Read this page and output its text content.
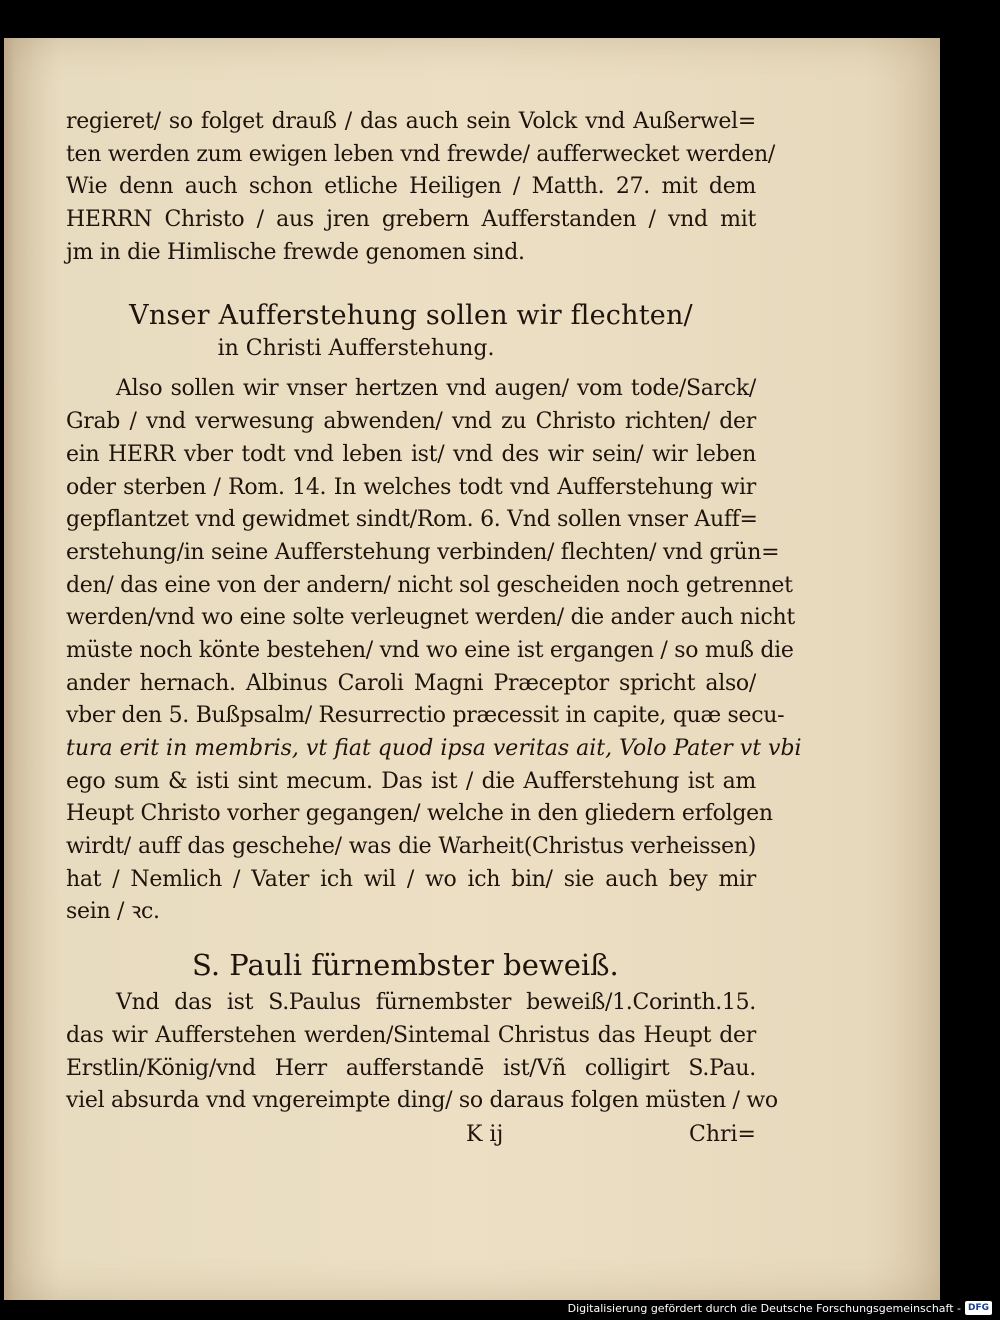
regieret/ so folget drauß / das auch sein Volck vnd Außerwel=
ten werden zum ewigen leben vnd frewde/ aufferwecket werden/
Wie denn auch schon etliche Heiligen / Matth. 27. mit dem
HERRN Christo / aus jren grebern Aufferstanden / vnd mit
jm in die Himlische frewde genomen sind.
Vnser Aufferstehung sollen wir flechten/
in Christi Aufferstehung.
Also sollen wir vnser hertzen vnd augen/ vom tode/Sarck/
Grab / vnd verwesung abwenden/ vnd zu Christo richten/ der
ein HERR vber todt vnd leben ist/ vnd des wir sein/ wir leben
oder sterben / Rom. 14. In welches todt vnd Aufferstehung wir
gepflantzet vnd gewidmet sindt/Rom. 6. Vnd sollen vnser Auff=
erstehung/in seine Aufferstehung verbinden/ flechten/ vnd grün=
den/ das eine von der andern/ nicht sol gescheiden noch getrennet
werden/vnd wo eine solte verleugnet werden/ die ander auch nicht
müste noch könte bestehen/ vnd wo eine ist ergangen / so muß die
ander hernach. Albinus Caroli Magni Præceptor spricht also/
vber den 5. Bußpsalm/ Resurrectio præcessit in capite, quæ secu-
tura erit in membris, vt fiat quod ipsa veritas ait, Volo Pater vt vbi
ego sum & isti sint mecum. Das ist / die Aufferstehung ist am
Heupt Christo vorher gegangen/ welche in den gliedern erfolgen
wirdt/ auff das geschehe/ was die Warheit(Christus verheissen)
hat / Nemlich / Vater ich wil / wo ich bin/ sie auch bey mir
sein / ꝛc.
S. Pauli fürnembster beweiß.
Vnd das ist S.Paulus fürnembster beweiß/1.Corinth.15.
das wir Aufferstehen werden/Sintemal Christus das Heupt der
Erstlin/König/vnd Herr aufferstandē ist/Vñ colligirt S.Pau.
viel absurda vnd vngereimpte ding/ so daraus folgen müsten / wo
K ij	Chri=
Digitalisierung gefördert durch die Deutsche Forschungsgemeinschaft - DFG
